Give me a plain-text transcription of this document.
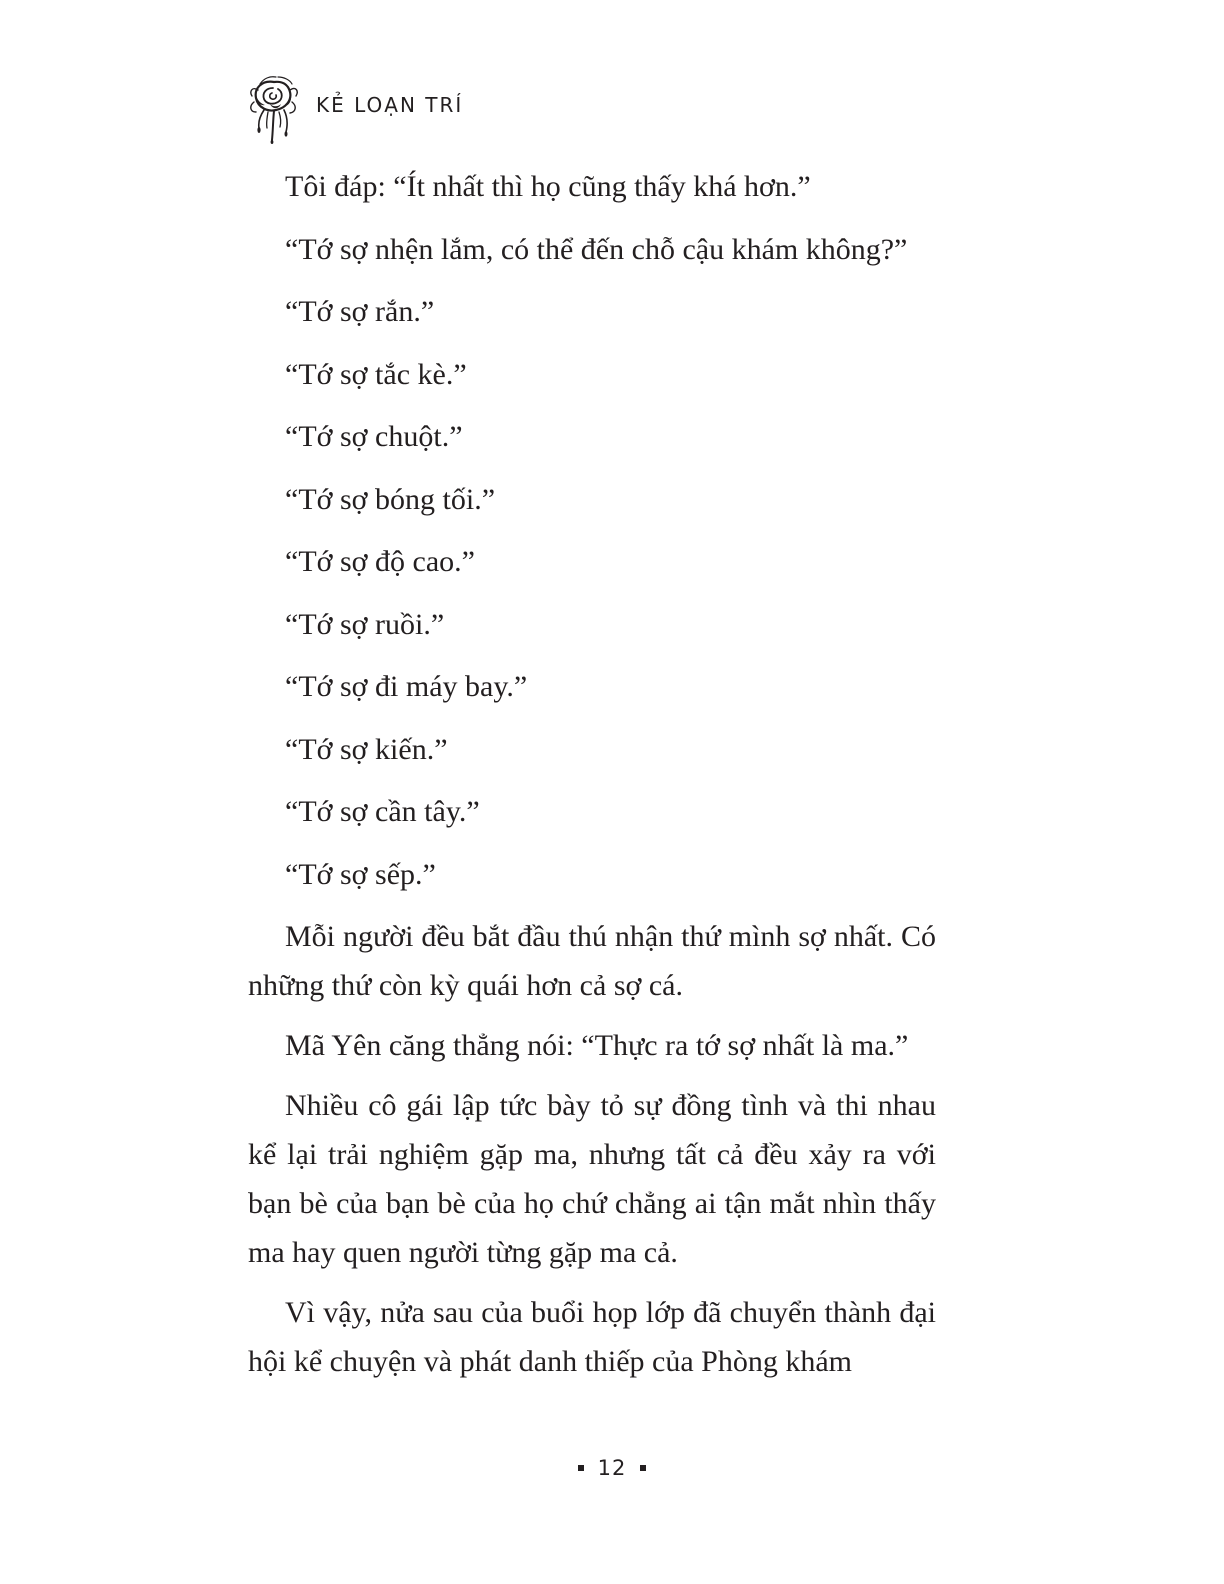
KẺ LOẠN TRÍ

Tôi đáp: “Ít nhất thì họ cũng thấy khá hơn.”

“Tớ sợ nhện lắm, có thể đến chỗ cậu khám không?”

“Tớ sợ rắn.”

“Tớ sợ tắc kè.”

“Tớ sợ chuột.”

“Tớ sợ bóng tối.”

“Tớ sợ độ cao.”

“Tớ sợ ruồi.”

“Tớ sợ đi máy bay.”

“Tớ sợ kiến.”

“Tớ sợ cần tây.”

“Tớ sợ sếp.”

Mỗi người đều bắt đầu thú nhận thứ mình sợ nhất. Có những thứ còn kỳ quái hơn cả sợ cá.

Mã Yên căng thẳng nói: “Thực ra tớ sợ nhất là ma.”

Nhiều cô gái lập tức bày tỏ sự đồng tình và thi nhau kể lại trải nghiệm gặp ma, nhưng tất cả đều xảy ra với bạn bè của bạn bè của họ chứ chẳng ai tận mắt nhìn thấy ma hay quen người từng gặp ma cả.

Vì vậy, nửa sau của buổi họp lớp đã chuyển thành đại hội kể chuyện và phát danh thiếp của Phòng khám

12
